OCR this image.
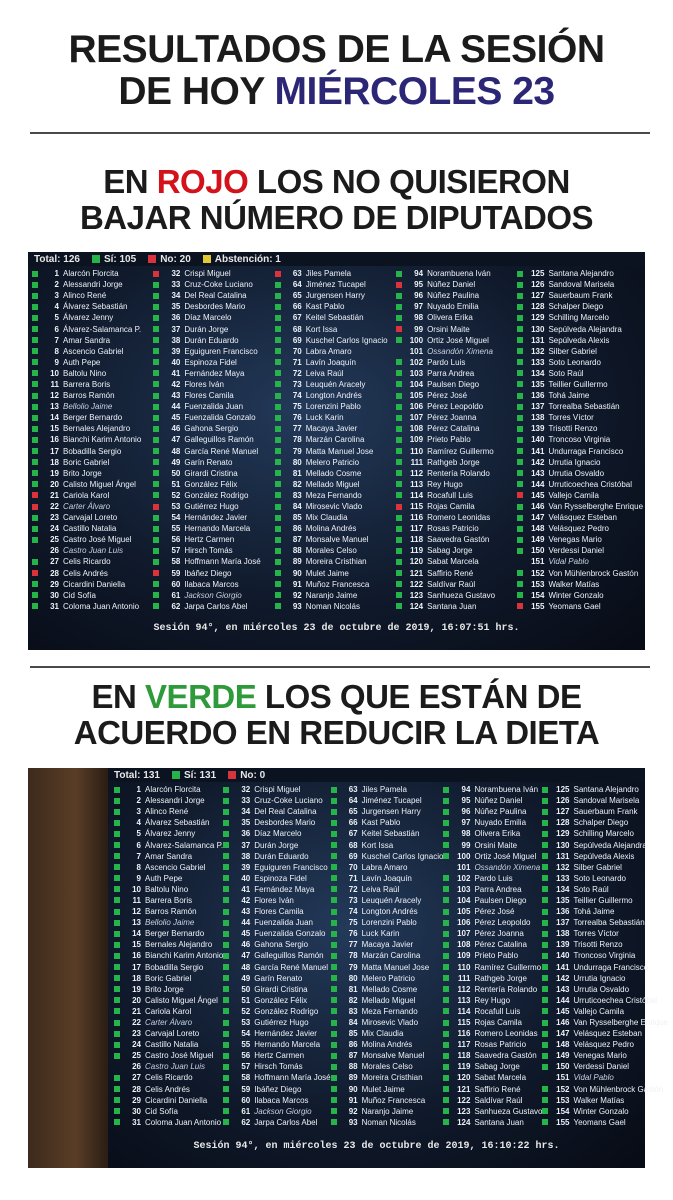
RESULTADOS DE LA SESIÓN
DE HOY MIÉRCOLES 23
EN ROJO LOS NO QUISIERON
BAJAR NÚMERO DE DIPUTADOS
Total: 126	Sí: 105 No: 20 Abstención: 1
1 Alarcón Florcita
2 Alessandri Jorge
3 Alinco René
4 Álvarez Sebastián
5 Álvarez Jenny
6 Álvarez-Salamanca P.
7 Amar Sandra
8 Ascencio Gabriel
9 Auth Pepe
10 Baltolu Nino
11 Barrera Boris
12 Barros Ramón
13 Bellolio Jaime
14 Berger Bernardo
15 Bernales Alejandro
16 Bianchi Karim Antonio
17 Bobadilla Sergio
18 Boric Gabriel
19 Brito Jorge
20 Calisto Miguel Ángel
21 Cariola Karol
22 Carter Álvaro
23 Carvajal Loreto
24 Castillo Natalia
25 Castro José Miguel
26 Castro Juan Luis
27 Celis Ricardo
28 Celis Andrés
29 Cicardini Daniella
30 Cid Sofía
31 Coloma Juan Antonio
32 Crispi Miguel
33 Cruz-Coke Luciano
34 Del Real Catalina
35 Desbordes Mario
36 Díaz Marcelo
37 Durán Jorge
38 Durán Eduardo
39 Eguiguren Francisco
40 Espinoza Fidel
41 Fernández Maya
42 Flores Iván
43 Flores Camila
44 Fuenzalida Juan
45 Fuenzalida Gonzalo
46 Gahona Sergio
47 Galleguillos Ramón
48 García René Manuel
49 Garín Renato
50 Girardi Cristina
51 González Félix
52 González Rodrigo
53 Gutiérrez Hugo
54 Hernández Javier
55 Hernando Marcela
56 Hertz Carmen
57 Hirsch Tomás
58 Hoffmann María José
59 Ibáñez Diego
60 Ilabaca Marcos
61 Jackson Giorgio
62 Jarpa Carlos Abel
63 Jiles Pamela
64 Jiménez Tucapel
65 Jurgensen Harry
66 Kast Pablo
67 Keitel Sebastián
68 Kort Issa
69 Kuschel Carlos Ignacio
70 Labra Amaro
71 Lavín Joaquín
72 Leiva Raúl
73 Leuquén Aracely
74 Longton Andrés
75 Lorenzini Pablo
76 Luck Karin
77 Macaya Javier
78 Marzán Carolina
79 Matta Manuel Jose
80 Melero Patricio
81 Mellado Cosme
82 Mellado Miguel
83 Meza Fernando
84 Mirosevic Vlado
85 Mix Claudia
86 Molina Andrés
87 Monsalve Manuel
88 Morales Celso
89 Moreira Cristhian
90 Mulet Jaime
91 Muñoz Francesca
92 Naranjo Jaime
93 Noman Nicolás
94 Norambuena Iván
95 Núñez Daniel
96 Núñez Paulina
97 Nuyado Emilia
98 Olivera Erika
99 Orsini Maite
100 Ortiz José Miguel
101 Ossandón Ximena
102 Pardo Luis
103 Parra Andrea
104 Paulsen Diego
105 Pérez José
106 Pérez Leopoldo
107 Pérez Joanna
108 Pérez Catalina
109 Prieto Pablo
110 Ramírez Guillermo
111 Rathgeb Jorge
112 Rentería Rolando
113 Rey Hugo
114 Rocafull Luis
115 Rojas Camila
116 Romero Leonidas
117 Rosas Patricio
118 Saavedra Gastón
119 Sabag Jorge
120 Sabat Marcela
121 Saffirio René
122 Saldívar Raúl
123 Sanhueza Gustavo
124 Santana Juan
125 Santana Alejandro
126 Sandoval Marisela
127 Sauerbaum Frank
128 Schalper Diego
129 Schilling Marcelo
130 Sepúlveda Alejandra
131 Sepúlveda Alexis
132 Silber Gabriel
133 Soto Leonardo
134 Soto Raúl
135 Teillier Guillermo
136 Tohá Jaime
137 Torrealba Sebastián
138 Torres Víctor
139 Trisotti Renzo
140 Troncoso Virginia
141 Undurraga Francisco
142 Urrutia Ignacio
143 Urrutia Osvaldo
144 Urruticoechea Cristóbal
145 Vallejo Camila
146 Van Rysselberghe Enrique
147 Velásquez Esteban
148 Velásquez Pedro
149 Venegas Mario
150 Verdessi Daniel
151 Vidal Pablo
152 Von Mühlenbrock Gastón
153 Walker Matías
154 Winter Gonzalo
155 Yeomans Gael
Sesión 94°, en miércoles 23 de octubre de 2019, 16:07:51 hrs.
EN VERDE LOS QUE ESTÁN DE
ACUERDO EN REDUCIR LA DIETA
Total: 131	Sí: 131 No: 0
1 Alarcón Florcita
2 Alessandri Jorge
3 Alinco René
4 Álvarez Sebastián
5 Álvarez Jenny
6 Álvarez-Salamanca P.
7 Amar Sandra
8 Ascencio Gabriel
9 Auth Pepe
10 Baltolu Nino
11 Barrera Boris
12 Barros Ramón
13 Bellolio Jaime
14 Berger Bernardo
15 Bernales Alejandro
16 Bianchi Karim Antonio
17 Bobadilla Sergio
18 Boric Gabriel
19 Brito Jorge
20 Calisto Miguel Ángel
21 Cariola Karol
22 Carter Álvaro
23 Carvajal Loreto
24 Castillo Natalia
25 Castro José Miguel
26 Castro Juan Luis
27 Celis Ricardo
28 Celis Andrés
29 Cicardini Daniella
30 Cid Sofía
31 Coloma Juan Antonio
32 Crispi Miguel
33 Cruz-Coke Luciano
34 Del Real Catalina
35 Desbordes Mario
36 Díaz Marcelo
37 Durán Jorge
38 Durán Eduardo
39 Eguiguren Francisco
40 Espinoza Fidel
41 Fernández Maya
42 Flores Iván
43 Flores Camila
44 Fuenzalida Juan
45 Fuenzalida Gonzalo
46 Gahona Sergio
47 Galleguillos Ramón
48 García René Manuel
49 Garín Renato
50 Girardi Cristina
51 González Félix
52 González Rodrigo
53 Gutiérrez Hugo
54 Hernández Javier
55 Hernando Marcela
56 Hertz Carmen
57 Hirsch Tomás
58 Hoffmann María José
59 Ibáñez Diego
60 Ilabaca Marcos
61 Jackson Giorgio
62 Jarpa Carlos Abel
63 Jiles Pamela
64 Jiménez Tucapel
65 Jurgensen Harry
66 Kast Pablo
67 Keitel Sebastián
68 Kort Issa
69 Kuschel Carlos Ignacio
70 Labra Amaro
71 Lavín Joaquín
72 Leiva Raúl
73 Leuquén Aracely
74 Longton Andrés
75 Lorenzini Pablo
76 Luck Karin
77 Macaya Javier
78 Marzán Carolina
79 Matta Manuel Jose
80 Melero Patricio
81 Mellado Cosme
82 Mellado Miguel
83 Meza Fernando
84 Mirosevic Vlado
85 Mix Claudia
86 Molina Andrés
87 Monsalve Manuel
88 Morales Celso
89 Moreira Cristhian
90 Mulet Jaime
91 Muñoz Francesca
92 Naranjo Jaime
93 Noman Nicolás
94 Norambuena Iván
95 Núñez Daniel
96 Núñez Paulina
97 Nuyado Emilia
98 Olivera Erika
99 Orsini Maite
100 Ortiz José Miguel
101 Ossandón Ximena
102 Pardo Luis
103 Parra Andrea
104 Paulsen Diego
105 Pérez José
106 Pérez Leopoldo
107 Pérez Joanna
108 Pérez Catalina
109 Prieto Pablo
110 Ramírez Guillermo
111 Rathgeb Jorge
112 Rentería Rolando
113 Rey Hugo
114 Rocafull Luis
115 Rojas Camila
116 Romero Leonidas
117 Rosas Patricio
118 Saavedra Gastón
119 Sabag Jorge
120 Sabat Marcela
121 Saffirio René
122 Saldívar Raúl
123 Sanhueza Gustavo
124 Santana Juan
125 Santana Alejandro
126 Sandoval Marisela
127 Sauerbaum Frank
128 Schalper Diego
129 Schilling Marcelo
130 Sepúlveda Alejandra
131 Sepúlveda Alexis
132 Silber Gabriel
133 Soto Leonardo
134 Soto Raúl
135 Teillier Guillermo
136 Tohá Jaime
137 Torrealba Sebastián
138 Torres Víctor
139 Trisotti Renzo
140 Troncoso Virginia
141 Undurraga Francisco
142 Urrutia Ignacio
143 Urrutia Osvaldo
144 Urruticoechea Cristóbal
145 Vallejo Camila
146 Van Rysselberghe Enrique
147 Velásquez Esteban
148 Velásquez Pedro
149 Venegas Mario
150 Verdessi Daniel
151 Vidal Pablo
152 Von Mühlenbrock Gastón
153 Walker Matías
154 Winter Gonzalo
155 Yeomans Gael
Sesión 94°, en miércoles 23 de octubre de 2019, 16:10:22 hrs.
